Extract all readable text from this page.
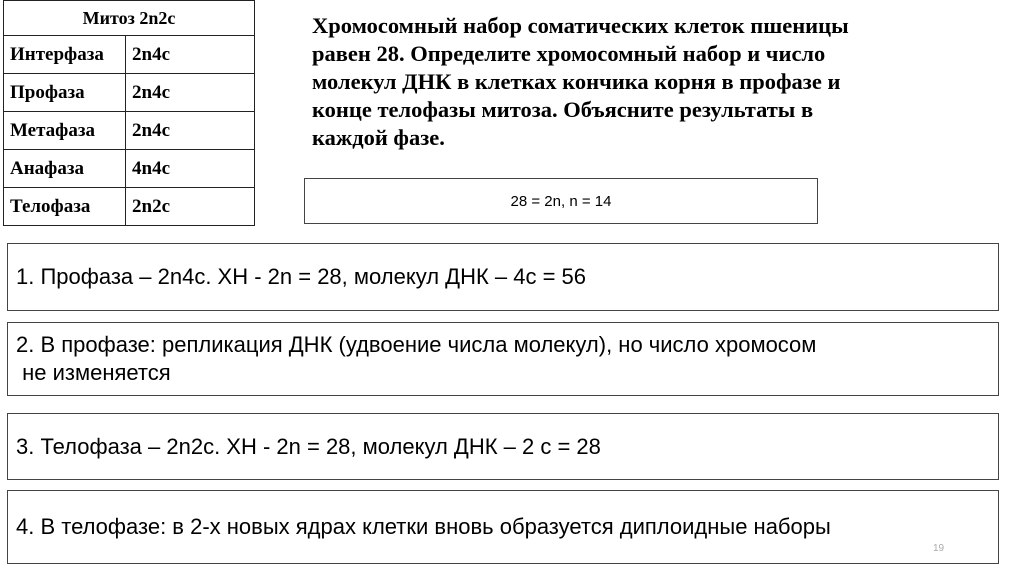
Митоз 2n2c	
Интерфаза	2n4c
Профаза	2n4c
Метафаза	2n4c
Анафаза	4n4c
Телофаза	2n2c
Хромосомный набор соматических клеток пшеницы
равен 28. Определите хромосомный набор и число
молекул ДНК в клетках кончика корня в профазе и
конце телофазы митоза. Объясните результаты в
каждой фазе.
28 = 2n, n = 14
1. Профаза – 2n4c. ХН - 2n = 28, молекул ДНК – 4с = 56
2. В профазе: репликация ДНК (удвоение числа молекул), но число хромосом
не изменяется
3. Телофаза – 2n2c. ХН - 2n = 28, молекул ДНК – 2 с = 28
4. В телофазе: в 2-х новых ядрах клетки вновь образуется диплоидные наборы
19
